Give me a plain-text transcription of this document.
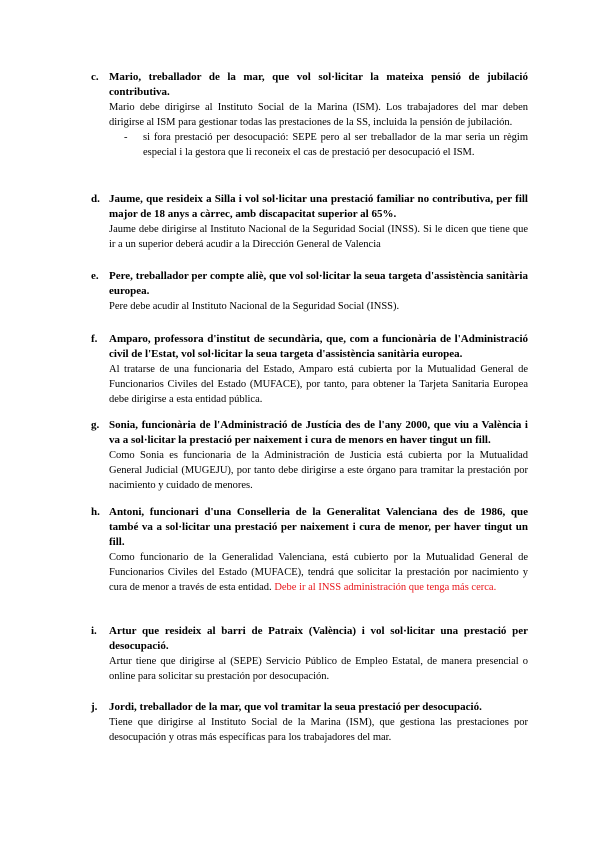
c. Mario, treballador de la mar, que vol sol·licitar la mateixa pensió de jubilació contributiva.
Mario debe dirigirse al Instituto Social de la Marina (ISM). Los trabajadores del mar deben dirigirse al ISM para gestionar todas las prestaciones de la SS, incluida la pensión de jubilación.
- si fora prestació per desocupació: SEPE pero al ser treballador de la mar seria un règim especial i la gestora que li reconeix el cas de prestació per desocupació el ISM.
d. Jaume, que resideix a Silla i vol sol·licitar una prestació familiar no contributiva, per fill major de 18 anys a càrrec, amb discapacitat superior al 65%.
Jaume debe dirigirse al Instituto Nacional de la Seguridad Social (INSS). Si le dicen que tiene que ir a un superior deberá acudir a la Dirección General de Valencia
e. Pere, treballador per compte aliè, que vol sol·licitar la seua targeta d'assistència sanitària europea.
Pere debe acudir al Instituto Nacional de la Seguridad Social (INSS).
f. Amparo, professora d'institut de secundària, que, com a funcionària de l'Administració civil de l'Estat, vol sol·licitar la seua targeta d'assistència sanitària europea.
Al tratarse de una funcionaria del Estado, Amparo está cubierta por la Mutualidad General de Funcionarios Civiles del Estado (MUFACE), por tanto, para obtener la Tarjeta Sanitaria Europea debe dirigirse a esta entidad pública.
g. Sonia, funcionària de l'Administració de Justícia des de l'any 2000, que viu a València i va a sol·licitar la prestació per naixement i cura de menors en haver tingut un fill.
Como Sonia es funcionaria de la Administración de Justicia está cubierta por la Mutualidad General Judicial (MUGEJU), por tanto debe dirigirse a este órgano para tramitar la prestación por nacimiento y cuidado de menores.
h. Antoni, funcionari d'una Conselleria de la Generalitat Valenciana des de 1986, que també va a sol·licitar una prestació per naixement i cura de menor, per haver tingut un fill.
Como funcionario de la Generalidad Valenciana, está cubierto por la Mutualidad General de Funcionarios Civiles del Estado (MUFACE), tendrá que solicitar la prestación por nacimiento y cura de menor a través de esta entidad. Debe ir al INSS administración que tenga más cerca.
i. Artur que resideix al barri de Patraix (València) i vol sol·licitar una prestació per desocupació.
Artur tiene que dirigirse al (SEPE) Servicio Público de Empleo Estatal, de manera presencial o online para solicitar su prestación por desocupación.
j. Jordi, treballador de la mar, que vol tramitar la seua prestació per desocupació.
Tiene que dirigirse al Instituto Social de la Marina (ISM), que gestiona las prestaciones por desocupación y otras más específicas para los trabajadores del mar.
